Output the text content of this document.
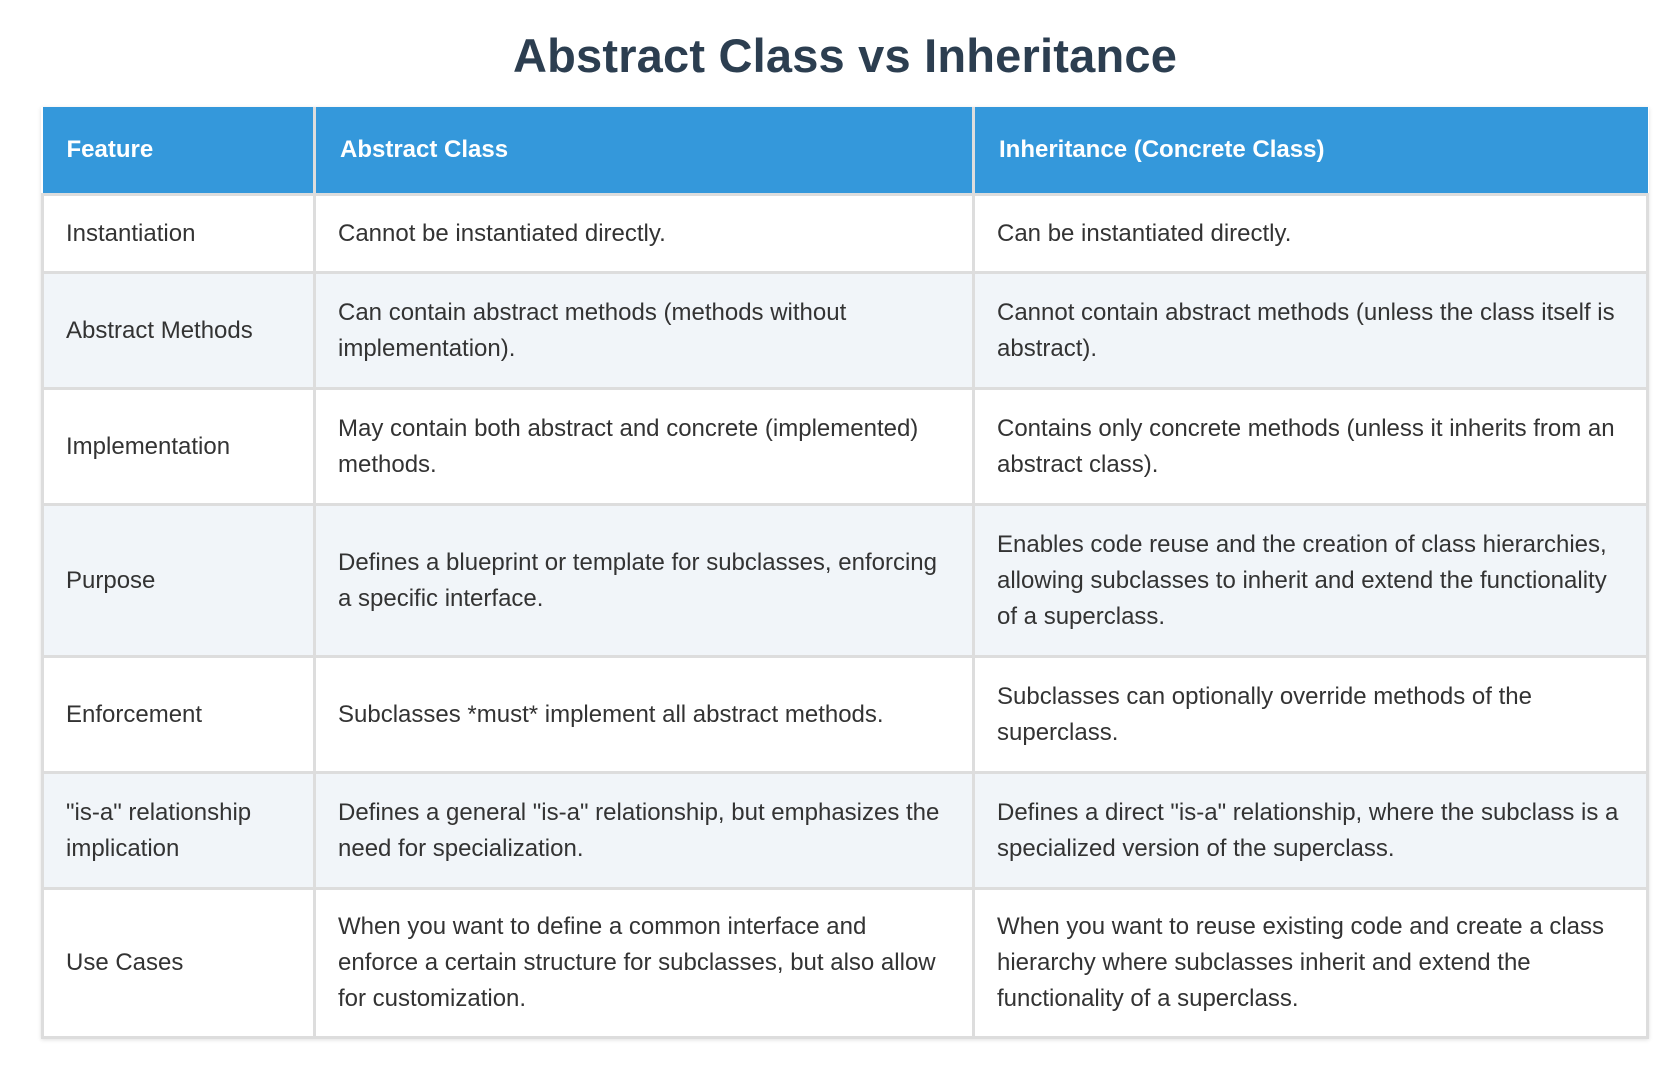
Abstract Class vs Inheritance
Feature	Abstract Class	Inheritance (Concrete Class)
Instantiation	Cannot be instantiated directly.	Can be instantiated directly.
Abstract Methods	Can contain abstract methods (methods without implementation).	Cannot contain abstract methods (unless the class itself is abstract).
Implementation	May contain both abstract and concrete (implemented) methods.	Contains only concrete methods (unless it inherits from an abstract class).
Purpose	Defines a blueprint or template for subclasses, enforcing a specific interface.	Enables code reuse and the creation of class hierarchies, allowing subclasses to inherit and extend the functionality of a superclass.
Enforcement	Subclasses *must* implement all abstract methods.	Subclasses can optionally override methods of the superclass.
"is-a" relationship implication	Defines a general "is-a" relationship, but emphasizes the need for specialization.	Defines a direct "is-a" relationship, where the subclass is a specialized version of the superclass.
Use Cases	When you want to define a common interface and enforce a certain structure for subclasses, but also allow for customization.	When you want to reuse existing code and create a class hierarchy where subclasses inherit and extend the functionality of a superclass.
